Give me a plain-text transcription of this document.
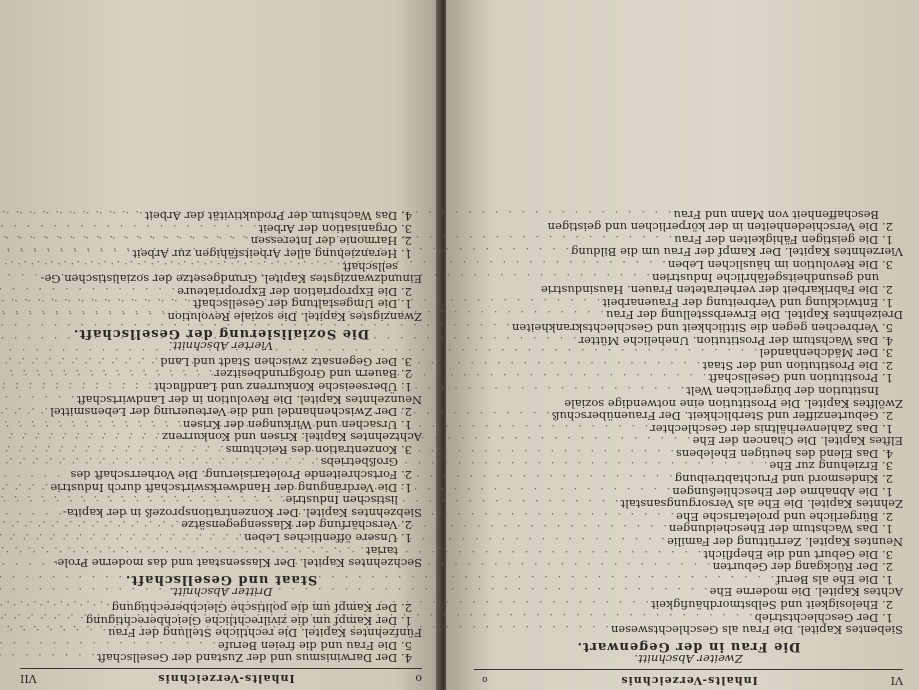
o
Inhalts-Verzeichnis
VII
4. Der Darwinismus und der Zustand der Gesellschaft
. . .
5. Die Frau und die freien Berufe
. . .
Fünfzehntes Kapitel. Die rechtliche Stellung der Frau
. . .
1. Der Kampf um die zivilrechtliche Gleichberechtigung
. . .
2. Der Kampf um die politische Gleichberechtigung
. . .
Dritter Abschnitt.
Staat und Gesellschaft.
Sechzehntes Kapitel. Der Klassenstaat und das moderne Prole-
tariat
. . .
1. Unsere öffentliches Leben
. . .
2. Verschärfung der Klassengegensätze
. . .
Siebzehntes Kapitel. Der Konzentrationsprozeß in der kapita-
listischen Industrie
. . .
1. Die Verdrängung der Handwerkswirtschaft durch Industrie
. . .
2. Fortschreitende Proletarisierung. Die Vorherrschaft des
Großbetriebs
. . .
3. Konzentration des Reichtums
. . .
Achtzehntes Kapitel. Krisen und Konkurrenz
. . .
1. Ursachen und Wirkungen der Krisen
. . .
2. Der Zwischenhandel und die Verteuerung der Lebensmittel
. . .
Neunzehntes Kapitel. Die Revolution in der Landwirtschaft
. . .
1. Überseeische Konkurrenz und Landflucht
. . .
2. Bauern und Großgrundbesitzer
. . .
3. Der Gegensatz zwischen Stadt und Land
. . .
Vierter Abschnitt.
Die Sozialisierung der Gesellschaft.
Zwanzigstes Kapitel. Die soziale Revolution
. . .
1. Die Umgestaltung der Gesellschaft
. . .
2. Die Expropriation der Expropriateure
. . .
Einundzwanzigstes Kapitel. Grundgesetze der sozialistischen Ge-
sellschaft
. . .
1. Heranziehung aller Arbeitsfähigen zur Arbeit
. . .
2. Harmonie der Interessen
. . .
3. Organisation der Arbeit
. . .
4. Das Wachstum der Produktivität der Arbeit
. . .
VI
Inhalts-Verzeichnis
o
Zweiter Abschnitt.
Die Frau in der Gegenwart.
Siebentes Kapitel. Die Frau als Geschlechtswesen
. . .
1. Der Geschlechtstrieb
. . .
2. Ehelosigkeit und Selbstmordhäufigkeit
. . .
Achtes Kapitel. Die moderne Ehe
. . .
1. Die Ehe als Beruf
. . .
2. Der Rückgang der Geburten
. . .
3. Die Geburt und die Ehepflicht
. . .
Neuntes Kapitel. Zerrüttung der Familie
. . .
1. Das Wachstum der Ehescheidungen
. . .
2. Bürgerliche und proletarische Ehe
. . .
Zehntes Kapitel. Die Ehe als Versorgungsanstalt
. . .
1. Die Abnahme der Eheschließungen
. . .
2. Kindesmord und Fruchtabtreibung
. . .
3. Erziehung zur Ehe
. . .
4. Das Elend des heutigen Ehelebens
. . .
Elftes Kapitel. Die Chancen der Ehe
. . .
1. Das Zahlenverhältnis der Geschlechter
. . .
2. Geburtenziffer und Sterblichkeit. Der Frauenüberschuß
. . .
Zwölftes Kapitel. Die Prostitution eine notwendige soziale
Institution der bürgerlichen Welt
. . .
1. Prostitution und Gesellschaft
. . .
2. Die Prostitution und der Staat
. . .
3. Der Mädchenhandel
. . .
4. Das Wachstum der Prostitution. Uneheliche Mütter
. . .
5. Verbrechen gegen die Sittlichkeit und Geschlechtskrankheiten
. . .
Dreizehntes Kapitel. Die Erwerbsstellung der Frau
. . .
1. Entwicklung und Verbreitung der Frauenarbeit
. . .
2. Die Fabrikarbeit der verheirateten Frauen. Hausindustrie
und gesundheitsgefährliche Industrien
. . .
3. Die Revolution im häuslichen Leben
. . .
Vierzehntes Kapitel. Der Kampf der Frau um die Bildung
. . .
1. Die geistigen Fähigkeiten der Frau
. . .
2. Die Verschiedenheiten in der körperlichen und geistigen
Beschaffenheit von Mann und Frau
. . .
